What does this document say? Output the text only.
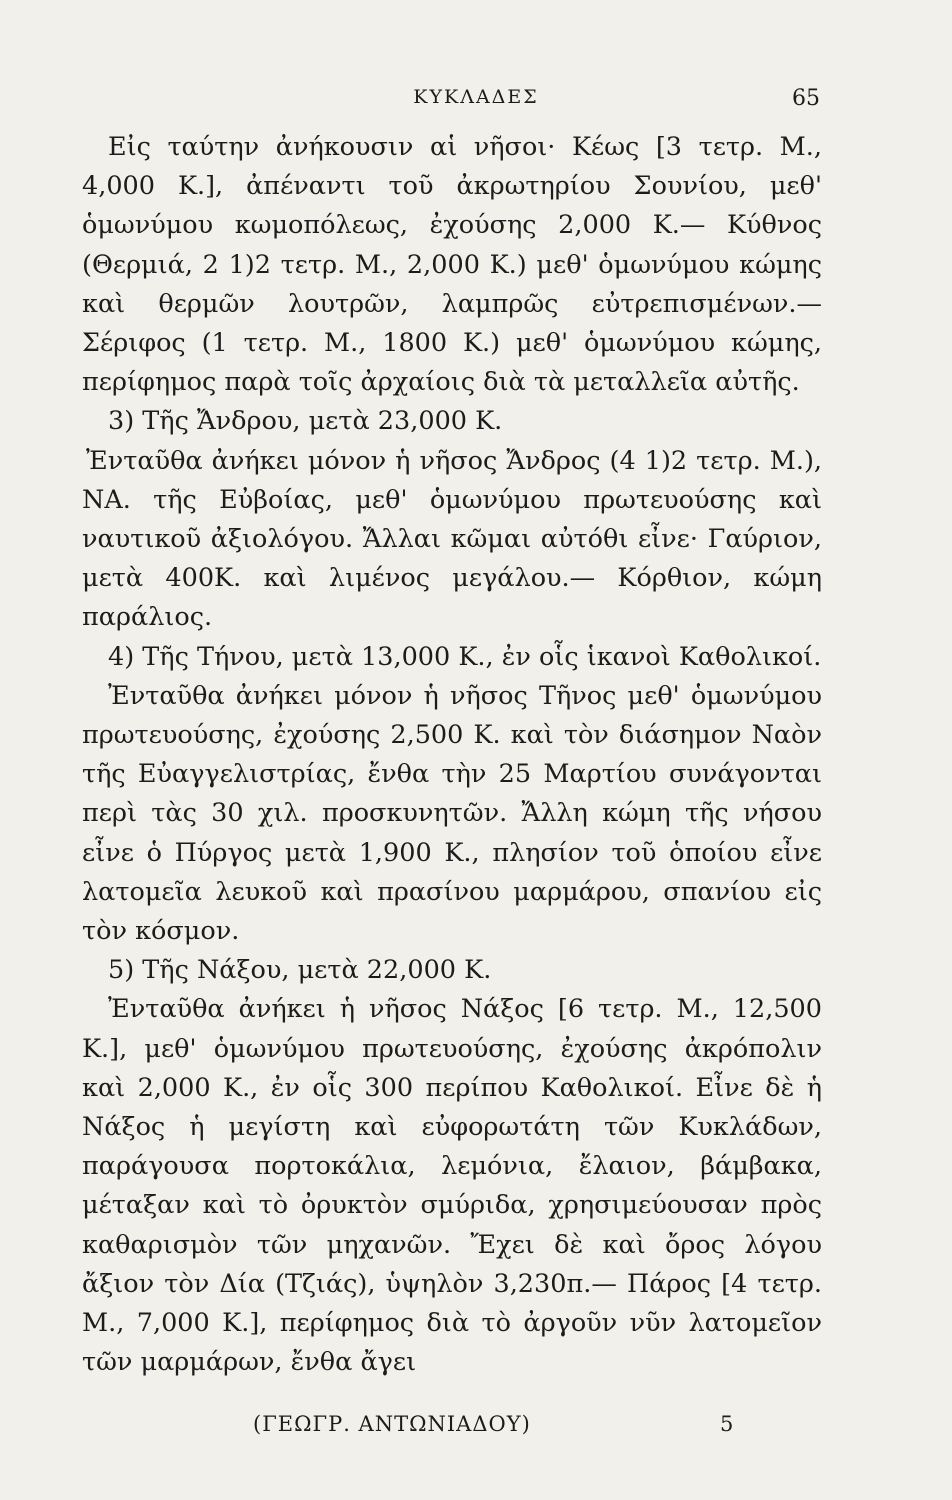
ΚΥΚΛΑΔΕΣ	65

Εἰς ταύτην ἀνήκουσιν αἱ νῆσοι· Κέως [3 τετρ. Μ., 4,000 Κ.], ἀπέναντι τοῦ ἀκρωτηρίου Σουνίου, μεθ' ὁμωνύμου κωμοπόλεως, ἐχούσης 2,000 Κ.— Κύθνος (Θερμιά, 2 1)2 τετρ. Μ., 2,000 Κ.) μεθ' ὁμωνύμου κώμης καὶ θερμῶν λουτρῶν, λαμπρῶς εὐτρεπισμένων.— Σέριφος (1 τετρ. Μ., 1800 Κ.) μεθ' ὁμωνύμου κώμης, περίφημος παρὰ τοῖς ἀρχαίοις διὰ τὰ μεταλλεῖα αὐτῆς.

3) Τῆς Ἄνδρου, μετὰ 23,000 Κ.

Ἐνταῦθα ἀνήκει μόνον ἡ νῆσος Ἄνδρος (4 1)2 τετρ. Μ.), ΝΑ. τῆς Εὐβοίας, μεθ' ὁμωνύμου πρωτευούσης καὶ ναυτικοῦ ἀξιολόγου. Ἄλλαι κῶμαι αὐτόθι εἶνε· Γαύριον, μετὰ 400Κ. καὶ λιμένος μεγάλου.— Κόρθιον, κώμη παράλιος.

4) Τῆς Τήνου, μετὰ 13,000 Κ., ἐν οἷς ἱκανοὶ Καθολικοί.

Ἐνταῦθα ἀνήκει μόνον ἡ νῆσος Τῆνος μεθ' ὁμωνύμου πρωτευούσης, ἐχούσης 2,500 Κ. καὶ τὸν διάσημον Ναὸν τῆς Εὐαγγελιστρίας, ἔνθα τὴν 25 Μαρτίου συνάγονται περὶ τὰς 30 χιλ. προσκυνητῶν. Ἄλλη κώμη τῆς νήσου εἶνε ὁ Πύργος μετὰ 1,900 Κ., πλησίον τοῦ ὁποίου εἶνε λατομεῖα λευκοῦ καὶ πρασίνου μαρμάρου, σπανίου εἰς τὸν κόσμον.

5) Τῆς Νάξου, μετὰ 22,000 Κ.

Ἐνταῦθα ἀνήκει ἡ νῆσος Νάξος [6 τετρ. Μ., 12,500 Κ.], μεθ' ὁμωνύμου πρωτευούσης, ἐχούσης ἀκρόπολιν καὶ 2,000 Κ., ἐν οἷς 300 περίπου Καθολικοί. Εἶνε δὲ ἡ Νάξος ἡ μεγίστη καὶ εὐφορωτάτη τῶν Κυκλάδων, παράγουσα πορτοκάλια, λεμόνια, ἔλαιον, βάμβακα, μέταξαν καὶ τὸ ὀρυκτὸν σμύριδα, χρησιμεύουσαν πρὸς καθαρισμὸν τῶν μηχανῶν. Ἔχει δὲ καὶ ὄρος λόγου ἄξιον τὸν Δία (Τζιάς), ὑψηλὸν 3,230π.— Πάρος [4 τετρ. Μ., 7,000 Κ.], περίφημος διὰ τὸ ἀργοῦν νῦν λατομεῖον τῶν μαρμάρων, ἔνθα ἄγει

(ΓΕΩΓΡ. ΑΝΤΩΝΙΑΔΟΥ)	5
